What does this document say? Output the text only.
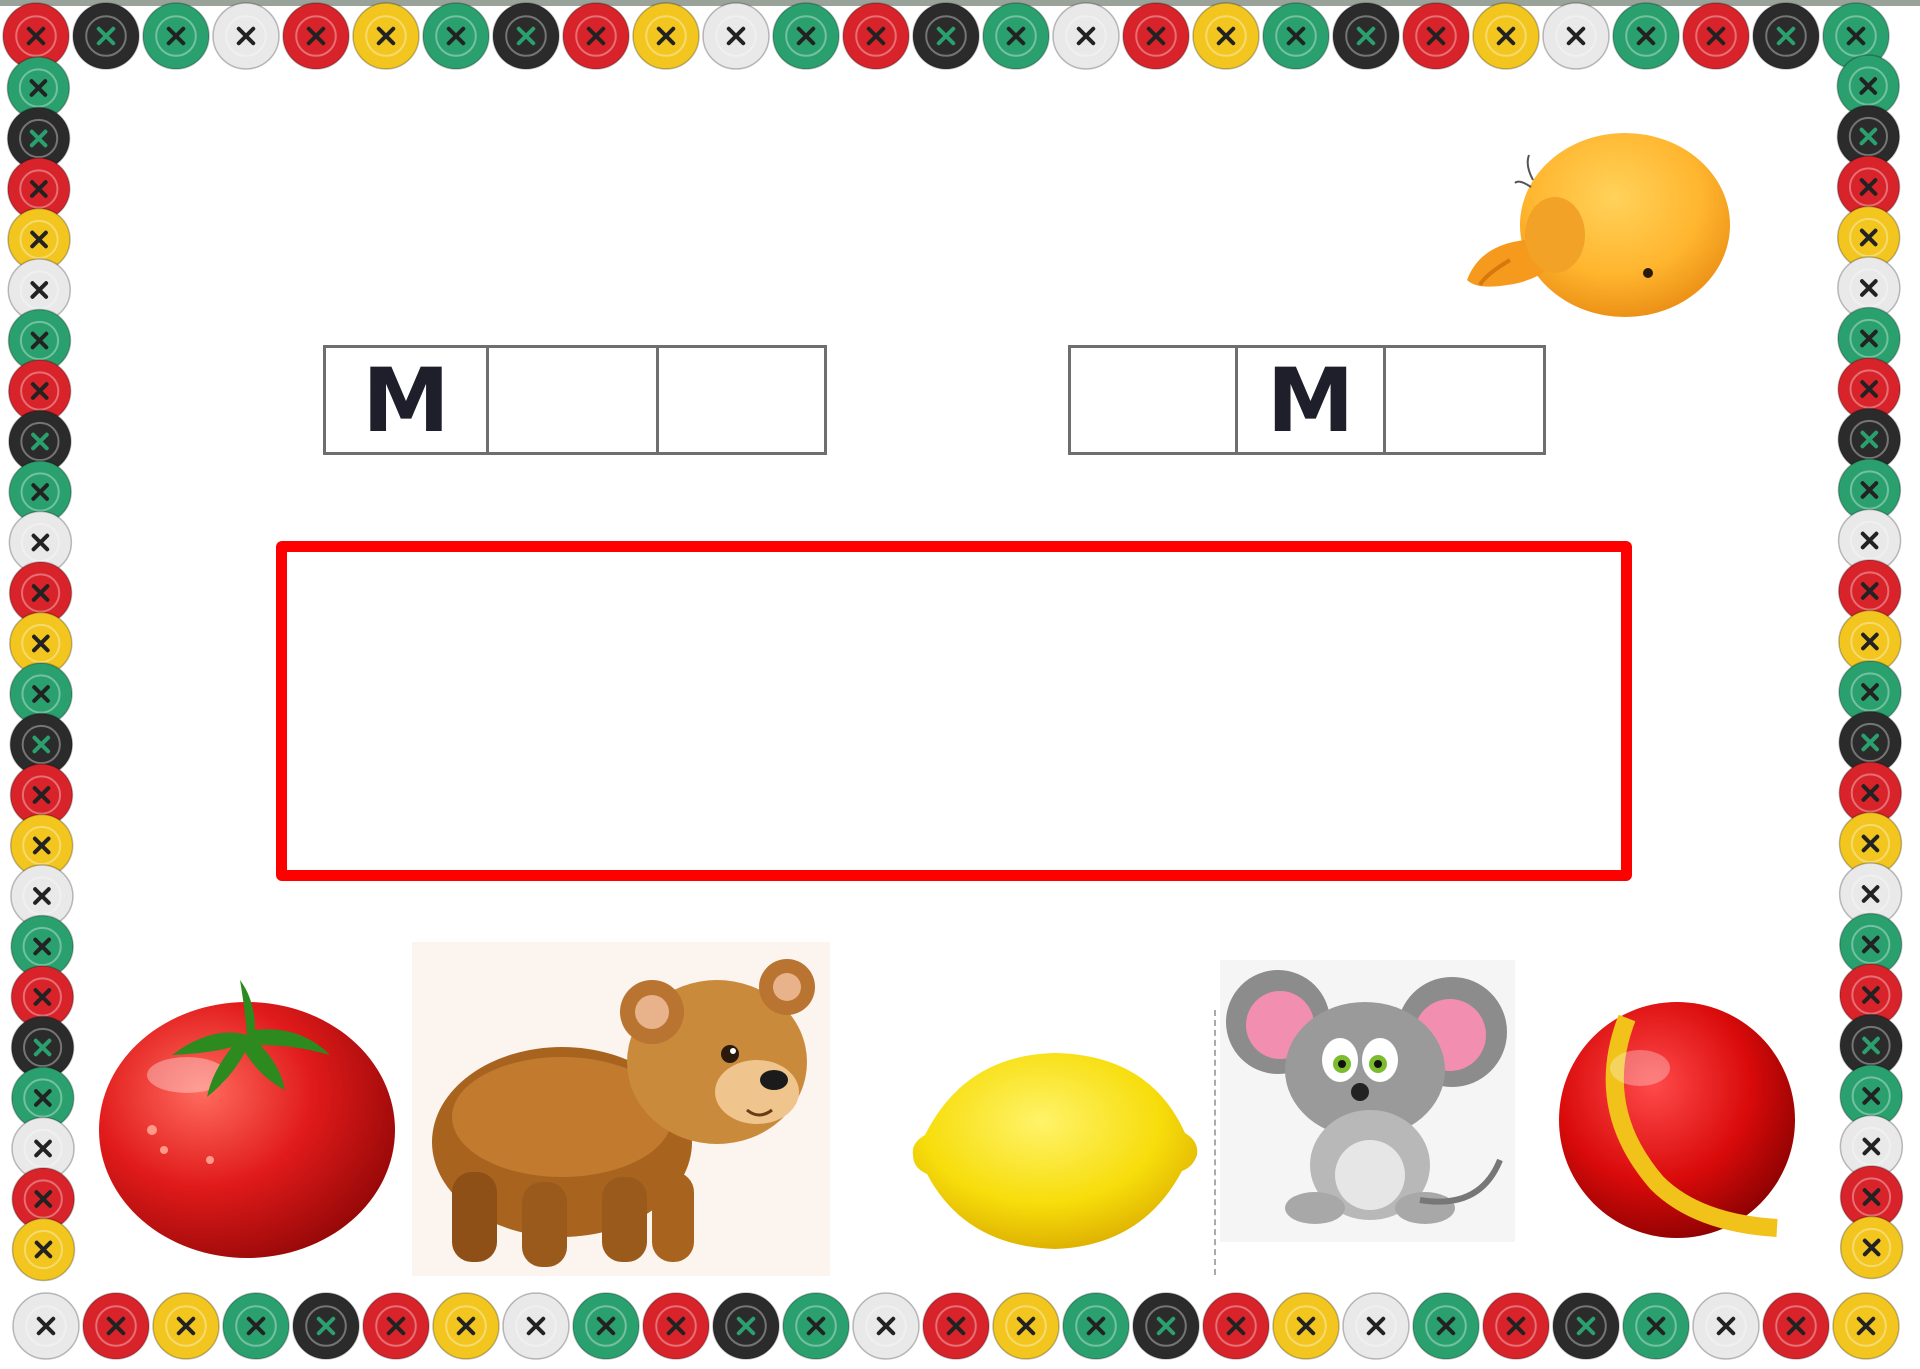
М	М
